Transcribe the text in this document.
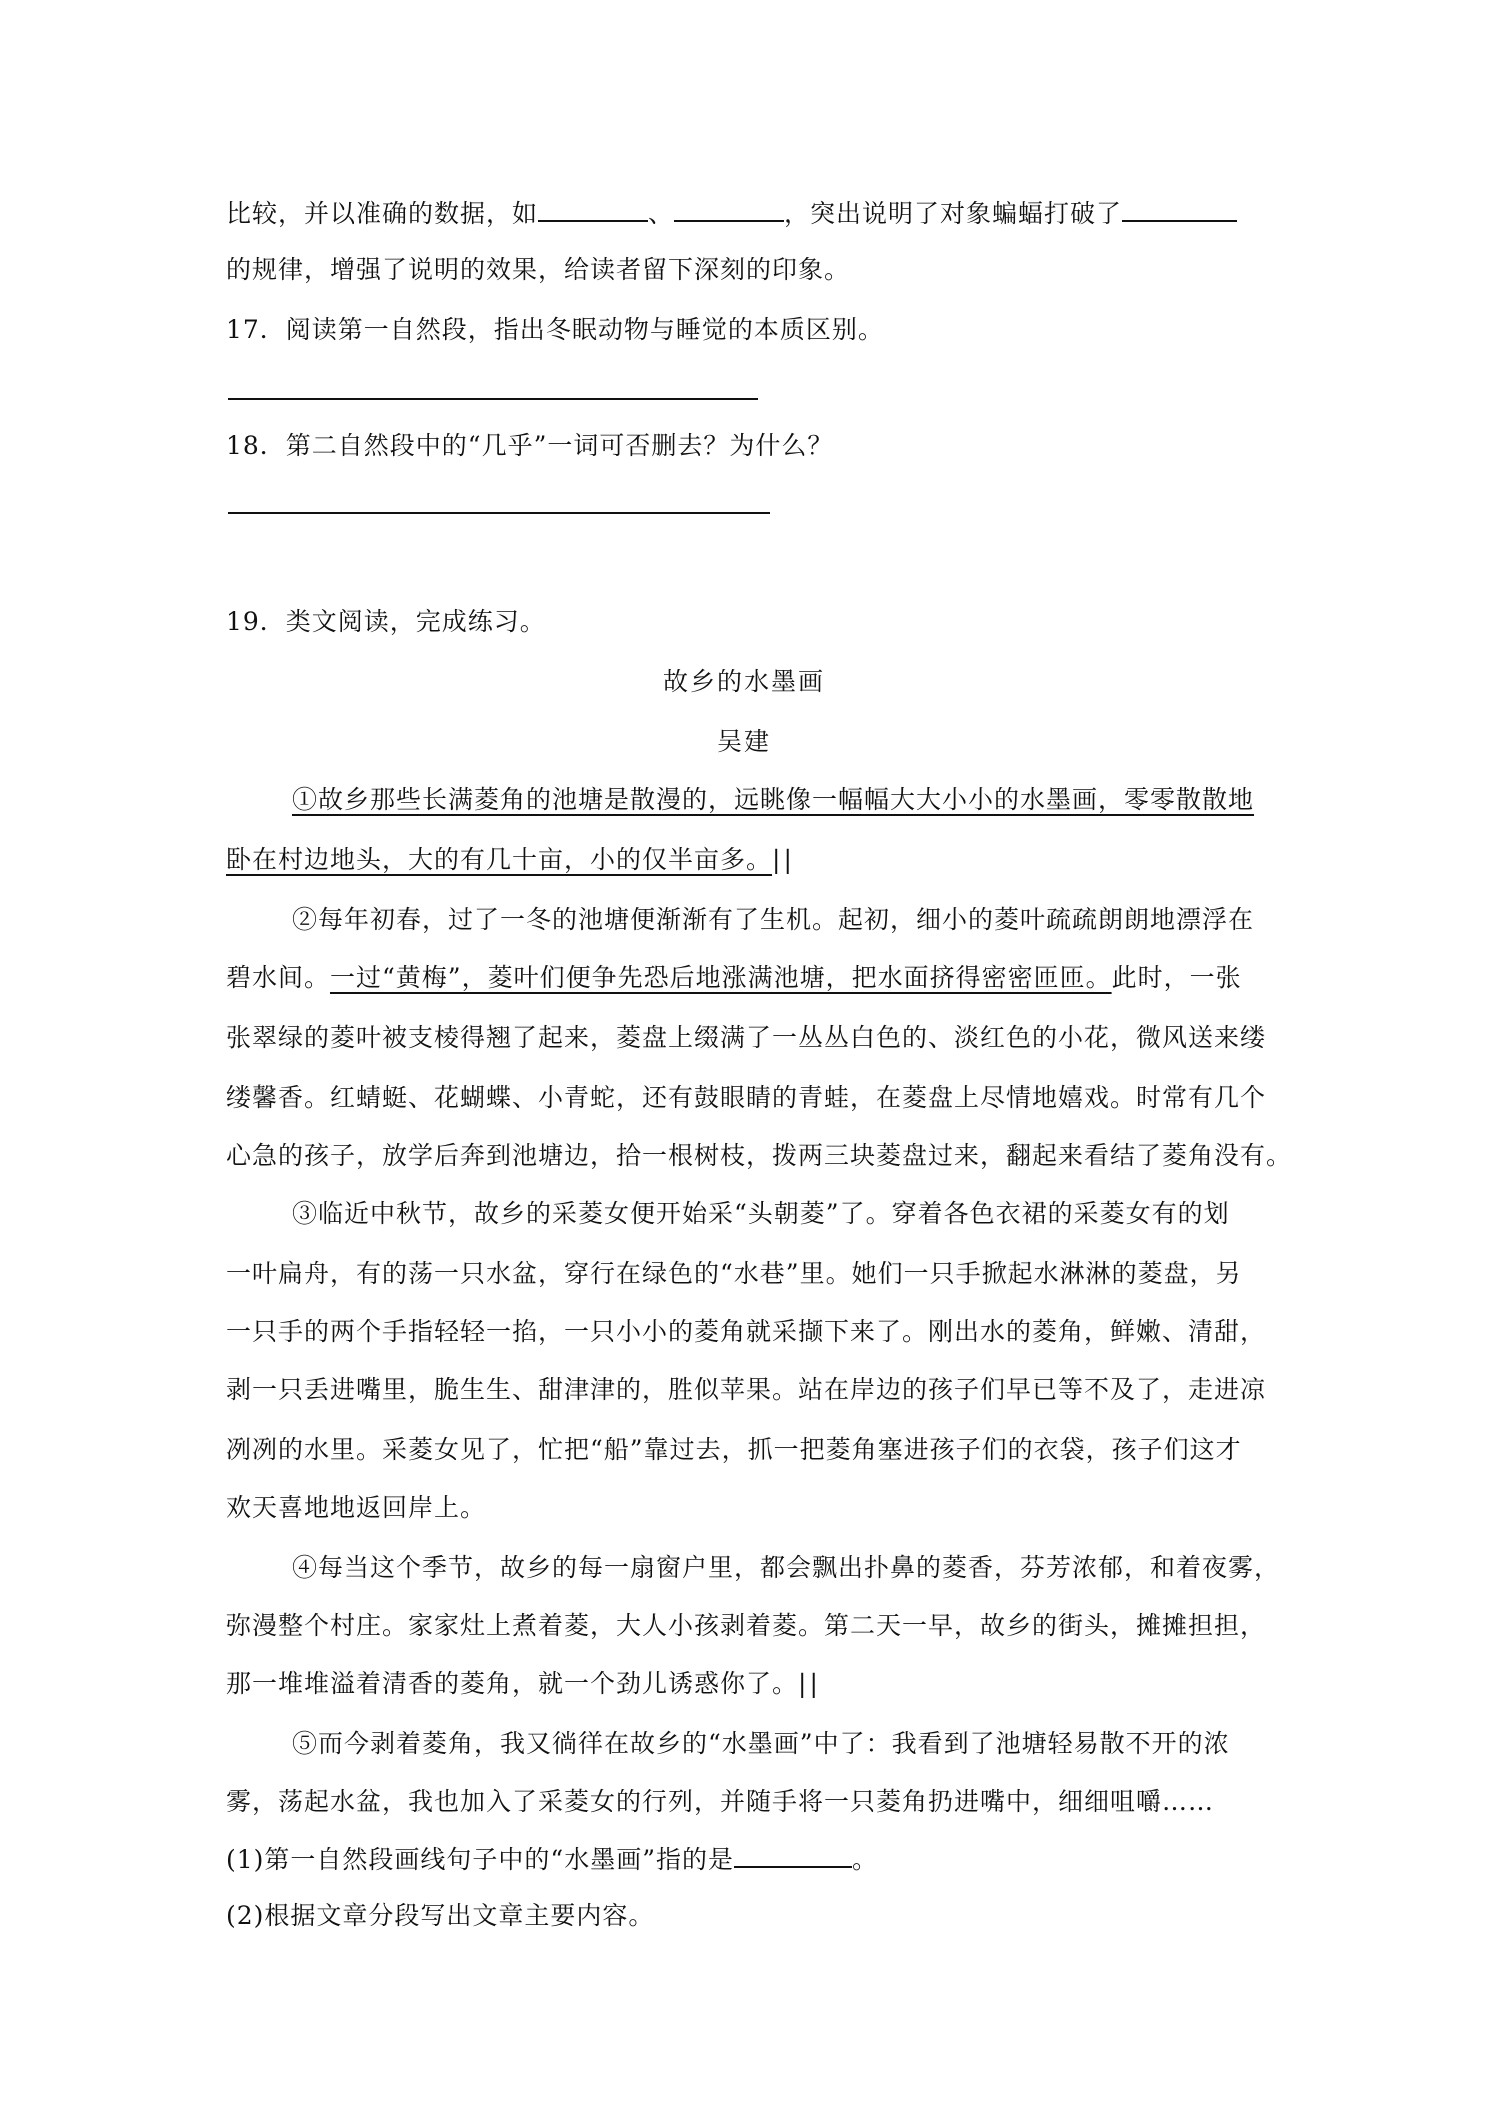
比较，并以准确的数据，如	、	，突出说明了对象蝙蝠打破了
的规律，增强了说明的效果，给读者留下深刻的印象。
17．阅读第一自然段，指出冬眠动物与睡觉的本质区别。
18．第二自然段中的“几乎”一词可否删去？为什么？
19．类文阅读，完成练习。
故乡的水墨画
吴建
①故乡那些长满菱角的池塘是散漫的，远眺像一幅幅大大小小的水墨画，零零散散地
卧在村边地头，大的有几十亩，小的仅半亩多。||
②每年初春，过了一冬的池塘便渐渐有了生机。起初，细小的菱叶疏疏朗朗地漂浮在
碧水间。一过“黄梅”，菱叶们便争先恐后地涨满池塘，把水面挤得密密匝匝。此时，一张
张翠绿的菱叶被支棱得翘了起来，菱盘上缀满了一丛丛白色的、淡红色的小花，微风送来缕
缕馨香。红蜻蜓、花蝴蝶、小青蛇，还有鼓眼睛的青蛙，在菱盘上尽情地嬉戏。时常有几个
心急的孩子，放学后奔到池塘边，拾一根树枝，拨两三块菱盘过来，翻起来看结了菱角没有。
③临近中秋节，故乡的采菱女便开始采“头朝菱”了。穿着各色衣裙的采菱女有的划
一叶扁舟，有的荡一只水盆，穿行在绿色的“水巷”里。她们一只手掀起水淋淋的菱盘，另
一只手的两个手指轻轻一掐，一只小小的菱角就采撷下来了。刚出水的菱角，鲜嫩、清甜，
剥一只丢进嘴里，脆生生、甜津津的，胜似苹果。站在岸边的孩子们早已等不及了，走进凉
冽冽的水里。采菱女见了，忙把“船”靠过去，抓一把菱角塞进孩子们的衣袋，孩子们这才
欢天喜地地返回岸上。
④每当这个季节，故乡的每一扇窗户里，都会飘出扑鼻的菱香，芬芳浓郁，和着夜雾，
弥漫整个村庄。家家灶上煮着菱，大人小孩剥着菱。第二天一早，故乡的街头，摊摊担担，
那一堆堆溢着清香的菱角，就一个劲儿诱惑你了。||
⑤而今剥着菱角，我又徜徉在故乡的“水墨画”中了：我看到了池塘轻易散不开的浓
雾，荡起水盆，我也加入了采菱女的行列，并随手将一只菱角扔进嘴中，细细咀嚼……
(1)第一自然段画线句子中的“水墨画”指的是	。
(2)根据文章分段写出文章主要内容。
